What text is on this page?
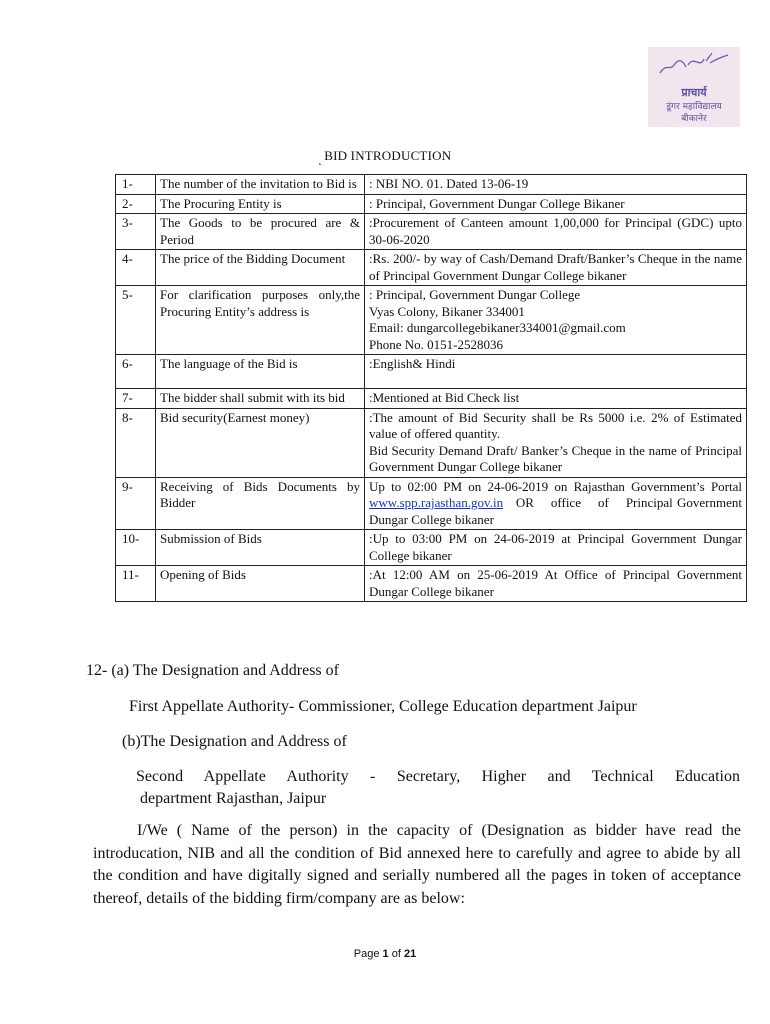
प्राचार्य
डूंगर महाविद्यालय
बीकानेर
$_˛$ BID INTRODUCTION
1-	The number of the invitation to Bid is	: NBI NO. 01. Dated 13-06-19
2-	The Procuring Entity is	: Principal, Government Dungar College Bikaner
3-	The Goods to be procured are & Period	:Procurement of Canteen amount 1,00,000 for Principal (GDC) upto 30-06-2020
4-	The price of the Bidding Document	:Rs. 200/- by way of Cash/Demand Draft/Banker’s Cheque in the name of Principal Government Dungar College bikaner
5-	For clarification purposes only,the Procuring Entity’s address is	: Principal, Government Dungar College
Vyas Colony, Bikaner 334001
Email: dungarcollegebikaner334001@gmail.com
Phone No. 0151-2528036

6-	The language of the Bid is	:English& Hindi
7-	The bidder shall submit with its bid	:Mentioned at Bid Check list
8-	Bid security(Earnest money)	:The amount of Bid Security shall be Rs 5000 i.e. 2% of Estimated value of offered quantity.
Bid Security Demand Draft/ Banker’s Cheque in the name of Principal Government Dungar College bikaner

9-	Receiving of Bids Documents by Bidder	Up to 02:00 PM on 24-06-2019 on Rajasthan Government’s Portal www.spp.rajasthan.gov.in   OR    office    of    Principal Government Dungar College bikaner
10-	Submission of Bids	:Up to 03:00 PM on 24-06-2019 at Principal Government Dungar College bikaner
11-	Opening of Bids	:At 12:00 AM on 25-06-2019 At Office of Principal Government Dungar College bikaner
12- (a) The Designation and Address of
First Appellate Authority- Commissioner, College Education department Jaipur
(b)The Designation and Address of
Second Appellate Authority - Secretary, Higher and Technical Education
department Rajasthan, Jaipur
I/We ( Name of the person) in the capacity of (Designation as bidder have read the introducation, NIB and all the condition of Bid annexed here to carefully and agree to abide by all the condition and have digitally signed and serially numbered all the pages in token of acceptance thereof, details of the bidding firm/company are as below:
Page 1 of 21
